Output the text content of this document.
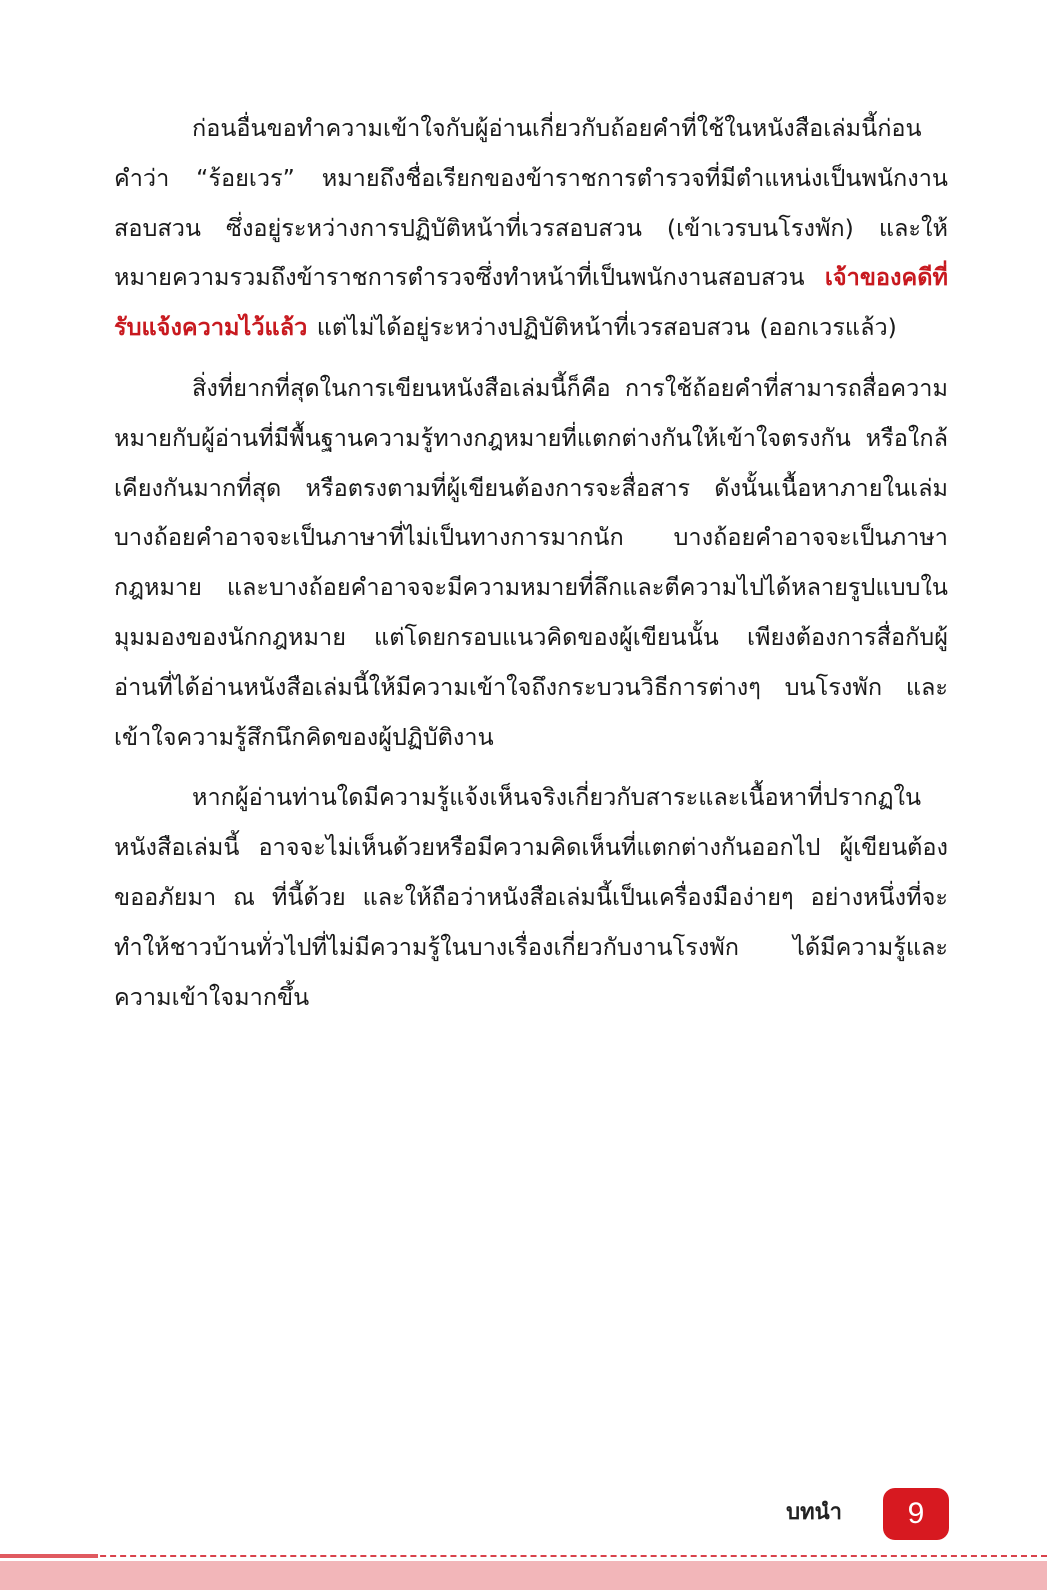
ก่อนอื่นขอทำความเข้าใจกับผู้อ่านเกี่ยวกับถ้อยคำที่ใช้ในหนังสือเล่มนี้ก่อน คำว่า “ร้อยเวร” หมายถึงชื่อเรียกของข้าราชการตำรวจที่มีตำแหน่งเป็นพนักงานสอบสวน ซึ่งอยู่ระหว่างการปฏิบัติหน้าที่เวรสอบสวน (เข้าเวรบนโรงพัก) และให้หมายความรวมถึงข้าราชการตำรวจซึ่งทำหน้าที่เป็นพนักงานสอบสวน เจ้าของคดีที่รับแจ้งความไว้แล้ว แต่ไม่ได้อยู่ระหว่างปฏิบัติหน้าที่เวรสอบสวน (ออกเวรแล้ว)

สิ่งที่ยากที่สุดในการเขียนหนังสือเล่มนี้ก็คือ การใช้ถ้อยคำที่สามารถสื่อความหมายกับผู้อ่านที่มีพื้นฐานความรู้ทางกฎหมายที่แตกต่างกันให้เข้าใจตรงกัน หรือใกล้เคียงกันมากที่สุด หรือตรงตามที่ผู้เขียนต้องการจะสื่อสาร ดังนั้นเนื้อหาภายในเล่มบางถ้อยคำอาจจะเป็นภาษาที่ไม่เป็นทางการมากนัก บางถ้อยคำอาจจะเป็นภาษากฎหมาย และบางถ้อยคำอาจจะมีความหมายที่ลึกและตีความไปได้หลายรูปแบบในมุมมองของนักกฎหมาย แต่โดยกรอบแนวคิดของผู้เขียนนั้น เพียงต้องการสื่อกับผู้อ่านที่ได้อ่านหนังสือเล่มนี้ให้มีความเข้าใจถึงกระบวนวิธีการต่างๆ บนโรงพัก และเข้าใจความรู้สึกนึกคิดของผู้ปฏิบัติงาน

หากผู้อ่านท่านใดมีความรู้แจ้งเห็นจริงเกี่ยวกับสาระและเนื้อหาที่ปรากฏในหนังสือเล่มนี้ อาจจะไม่เห็นด้วยหรือมีความคิดเห็นที่แตกต่างกันออกไป ผู้เขียนต้องขออภัยมา ณ ที่นี้ด้วย และให้ถือว่าหนังสือเล่มนี้เป็นเครื่องมือง่ายๆ อย่างหนึ่งที่จะทำให้ชาวบ้านทั่วไปที่ไม่มีความรู้ในบางเรื่องเกี่ยวกับงานโรงพัก ได้มีความรู้และความเข้าใจมากขึ้น

บทนำ	9
